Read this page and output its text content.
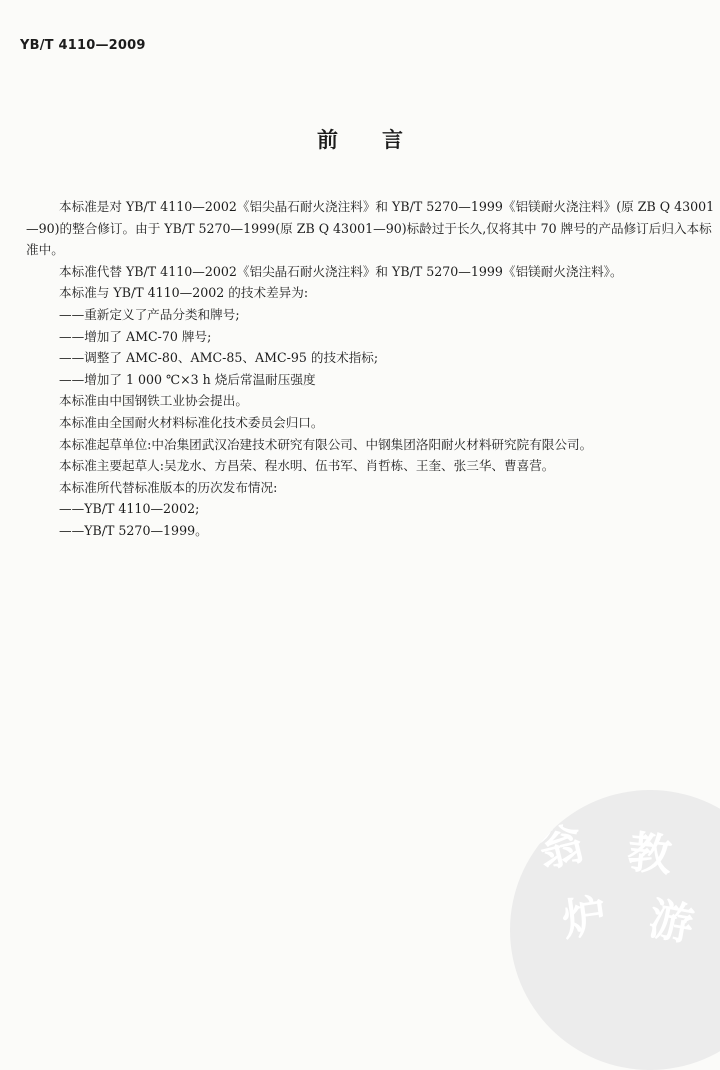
YB/T 4110—2009
前 言

本标准是对 YB/T 4110—2002《铝尖晶石耐火浇注料》和 YB/T 5270—1999《铝镁耐火浇注料》(原 ZB Q 43001—90)的整合修订。由于 YB/T 5270—1999(原 ZB Q 43001—90)标龄过于长久,仅将其中 70 牌号的产品修订后归入本标准中。

本标准代替 YB/T 4110—2002《铝尖晶石耐火浇注料》和 YB/T 5270—1999《铝镁耐火浇注料》。

本标准与 YB/T 4110—2002 的技术差异为:

——重新定义了产品分类和牌号;

——增加了 AMC-70 牌号;

——调整了 AMC-80、AMC-85、AMC-95 的技术指标;

——增加了 1 000 ℃×3 h 烧后常温耐压强度

本标准由中国钢铁工业协会提出。

本标准由全国耐火材料标准化技术委员会归口。

本标准起草单位:中冶集团武汉冶建技术研究有限公司、中钢集团洛阳耐火材料研究院有限公司。

本标准主要起草人:吴龙水、方昌荣、程水明、伍书军、肖哲栋、王奎、张三华、曹喜营。

本标准所代替标准版本的历次发布情况:

——YB/T 4110—2002;

——YB/T 5270—1999。

翁 教
炉 游
